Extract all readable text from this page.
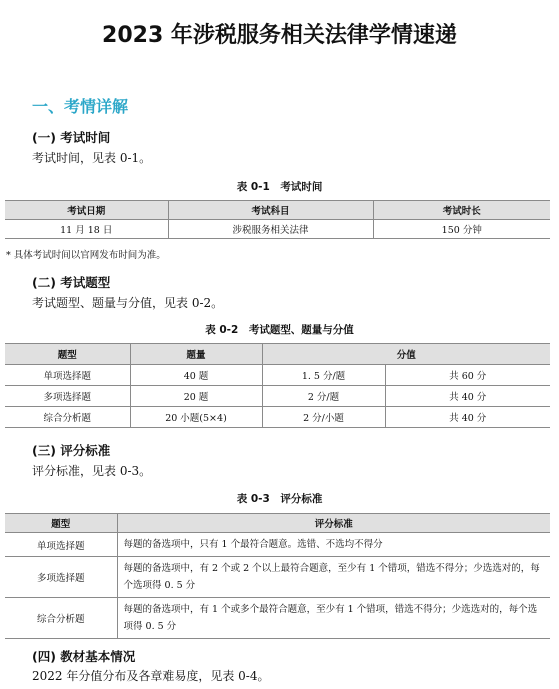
2023 年涉税服务相关法律学情速递
一、考情详解
(一) 考试时间
考试时间，见表 0-1。
表 0-1　考试时间
考试日期	考试科目	考试时长
11 月 18 日	涉税服务相关法律	150 分钟
* 具体考试时间以官网发布时间为准。
(二) 考试题型
考试题型、题量与分值，见表 0-2。
表 0-2　考试题型、题量与分值
题型	题量	分值	
单项选择题	40 题	1. 5 分/题	共 60 分
多项选择题	20 题	2 分/题	共 40 分
综合分析题	20 小题(5×4)	2 分/小题	共 40 分
(三) 评分标准
评分标准，见表 0-3。
表 0-3　评分标准
题型	评分标准
单项选择题	每题的备选项中，只有 1 个最符合题意。选错、不选均不得分
多项选择题	每题的备选项中，有 2 个或 2 个以上最符合题意，至少有 1 个错项，错选不得分；少选选对的，每个选项得 0. 5 分
综合分析题	每题的备选项中，有 1 个或多个最符合题意，至少有 1 个错项，错选不得分；少选选对的，每个选项得 0. 5 分
(四) 教材基本情况
2022 年分值分布及各章难易度，见表 0-4。
